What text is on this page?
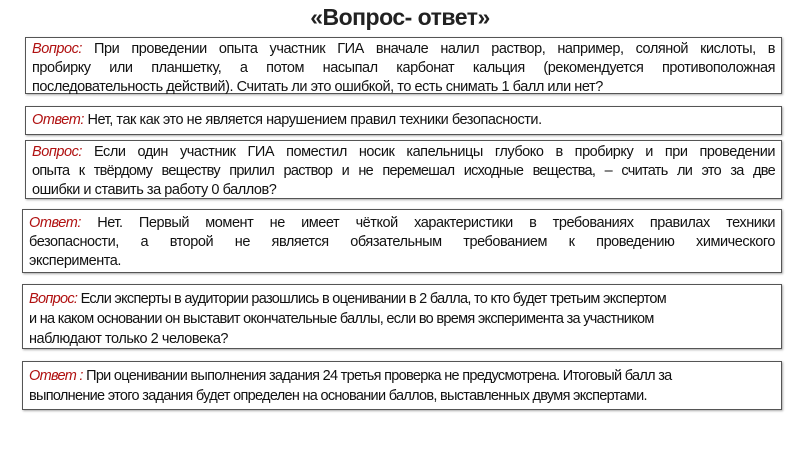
«Вопрос- ответ»
Вопрос: При проведении опыта участник ГИА вначале налил раствор, например, соляной кислоты, в
пробирку или планшетку, а потом насыпал карбонат кальция (рекомендуется противоположная
последовательность действий). Считать ли это ошибкой, то есть снимать 1 балл или нет?
Ответ: Нет, так как это не является нарушением правил техники безопасности.
Вопрос: Если один участник ГИА поместил носик капельницы глубоко в пробирку и при проведении
опыта к твёрдому веществу прилил раствор и не перемешал исходные вещества, – считать ли это за две
ошибки и ставить за работу 0 баллов?
Ответ: Нет. Первый момент не имеет чёткой характеристики в требованиях правилах техники
безопасности, а второй не является обязательным требованием к проведению химического
эксперимента.
Вопрос: Если эксперты в аудитории разошлись в оценивании в 2 балла, то кто будет третьим экспертом
и на каком основании он выставит окончательные баллы, если во время эксперимента за участником
наблюдают только 2 человека?
Ответ : При оценивании выполнения задания 24 третья проверка не предусмотрена. Итоговый балл за
выполнение этого задания будет определен на основании баллов, выставленных двумя экспертами.
